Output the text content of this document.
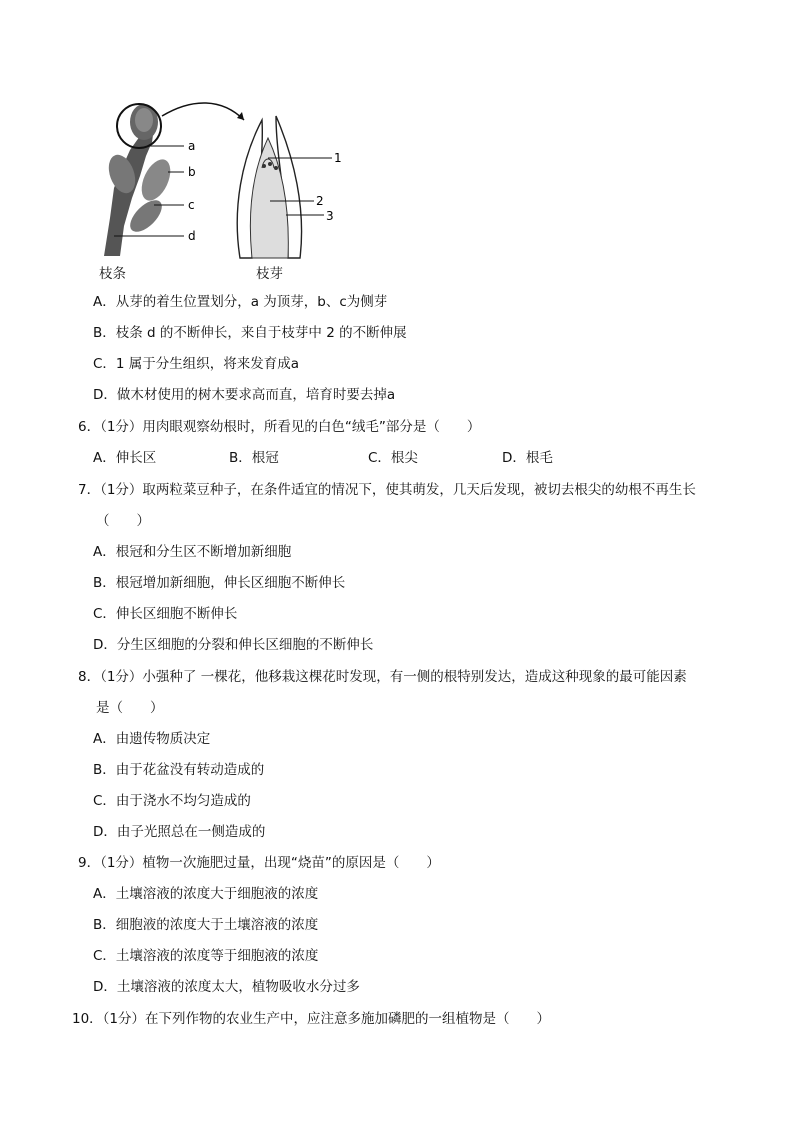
a
b
c
d
1
2
3
枝条	枝芽
A．从芽的着生位置划分，a 为顶芽，b、c为侧芽
B．枝条 d 的不断伸长，来自于枝芽中 2 的不断伸展
C．1 属于分生组织，将来发育成a
D．做木材使用的树木要求高而直，培育时要去掉a
6．（1分）用肉眼观察幼根时，所看见的白色“绒毛”部分是（　　）
A．伸长区	B．根冠	C．根尖	D．根毛
7．（1分）取两粒菜豆种子，在条件适宜的情况下，使其萌发，几天后发现，被切去根尖的幼根不再生长
（　　）
A．根冠和分生区不断增加新细胞
B．根冠增加新细胞，伸长区细胞不断伸长
C．伸长区细胞不断伸长
D．分生区细胞的分裂和伸长区细胞的不断伸长
8．（1分）小强种了 一棵花，他移栽这棵花时发现，有一侧的根特别发达，造成这种现象的最可能因素
是（　　）
A．由遗传物质决定
B．由于花盆没有转动造成的
C．由于浇水不均匀造成的
D．由子光照总在一侧造成的
9．（1分）植物一次施肥过量，出现“烧苗”的原因是（　　）
A．土壤溶液的浓度大于细胞液的浓度
B．细胞液的浓度大于土壤溶液的浓度
C．土壤溶液的浓度等于细胞液的浓度
D．土壤溶液的浓度太大，植物吸收水分过多
10．（1分）在下列作物的农业生产中，应注意多施加磷肥的一组植物是（　　）
